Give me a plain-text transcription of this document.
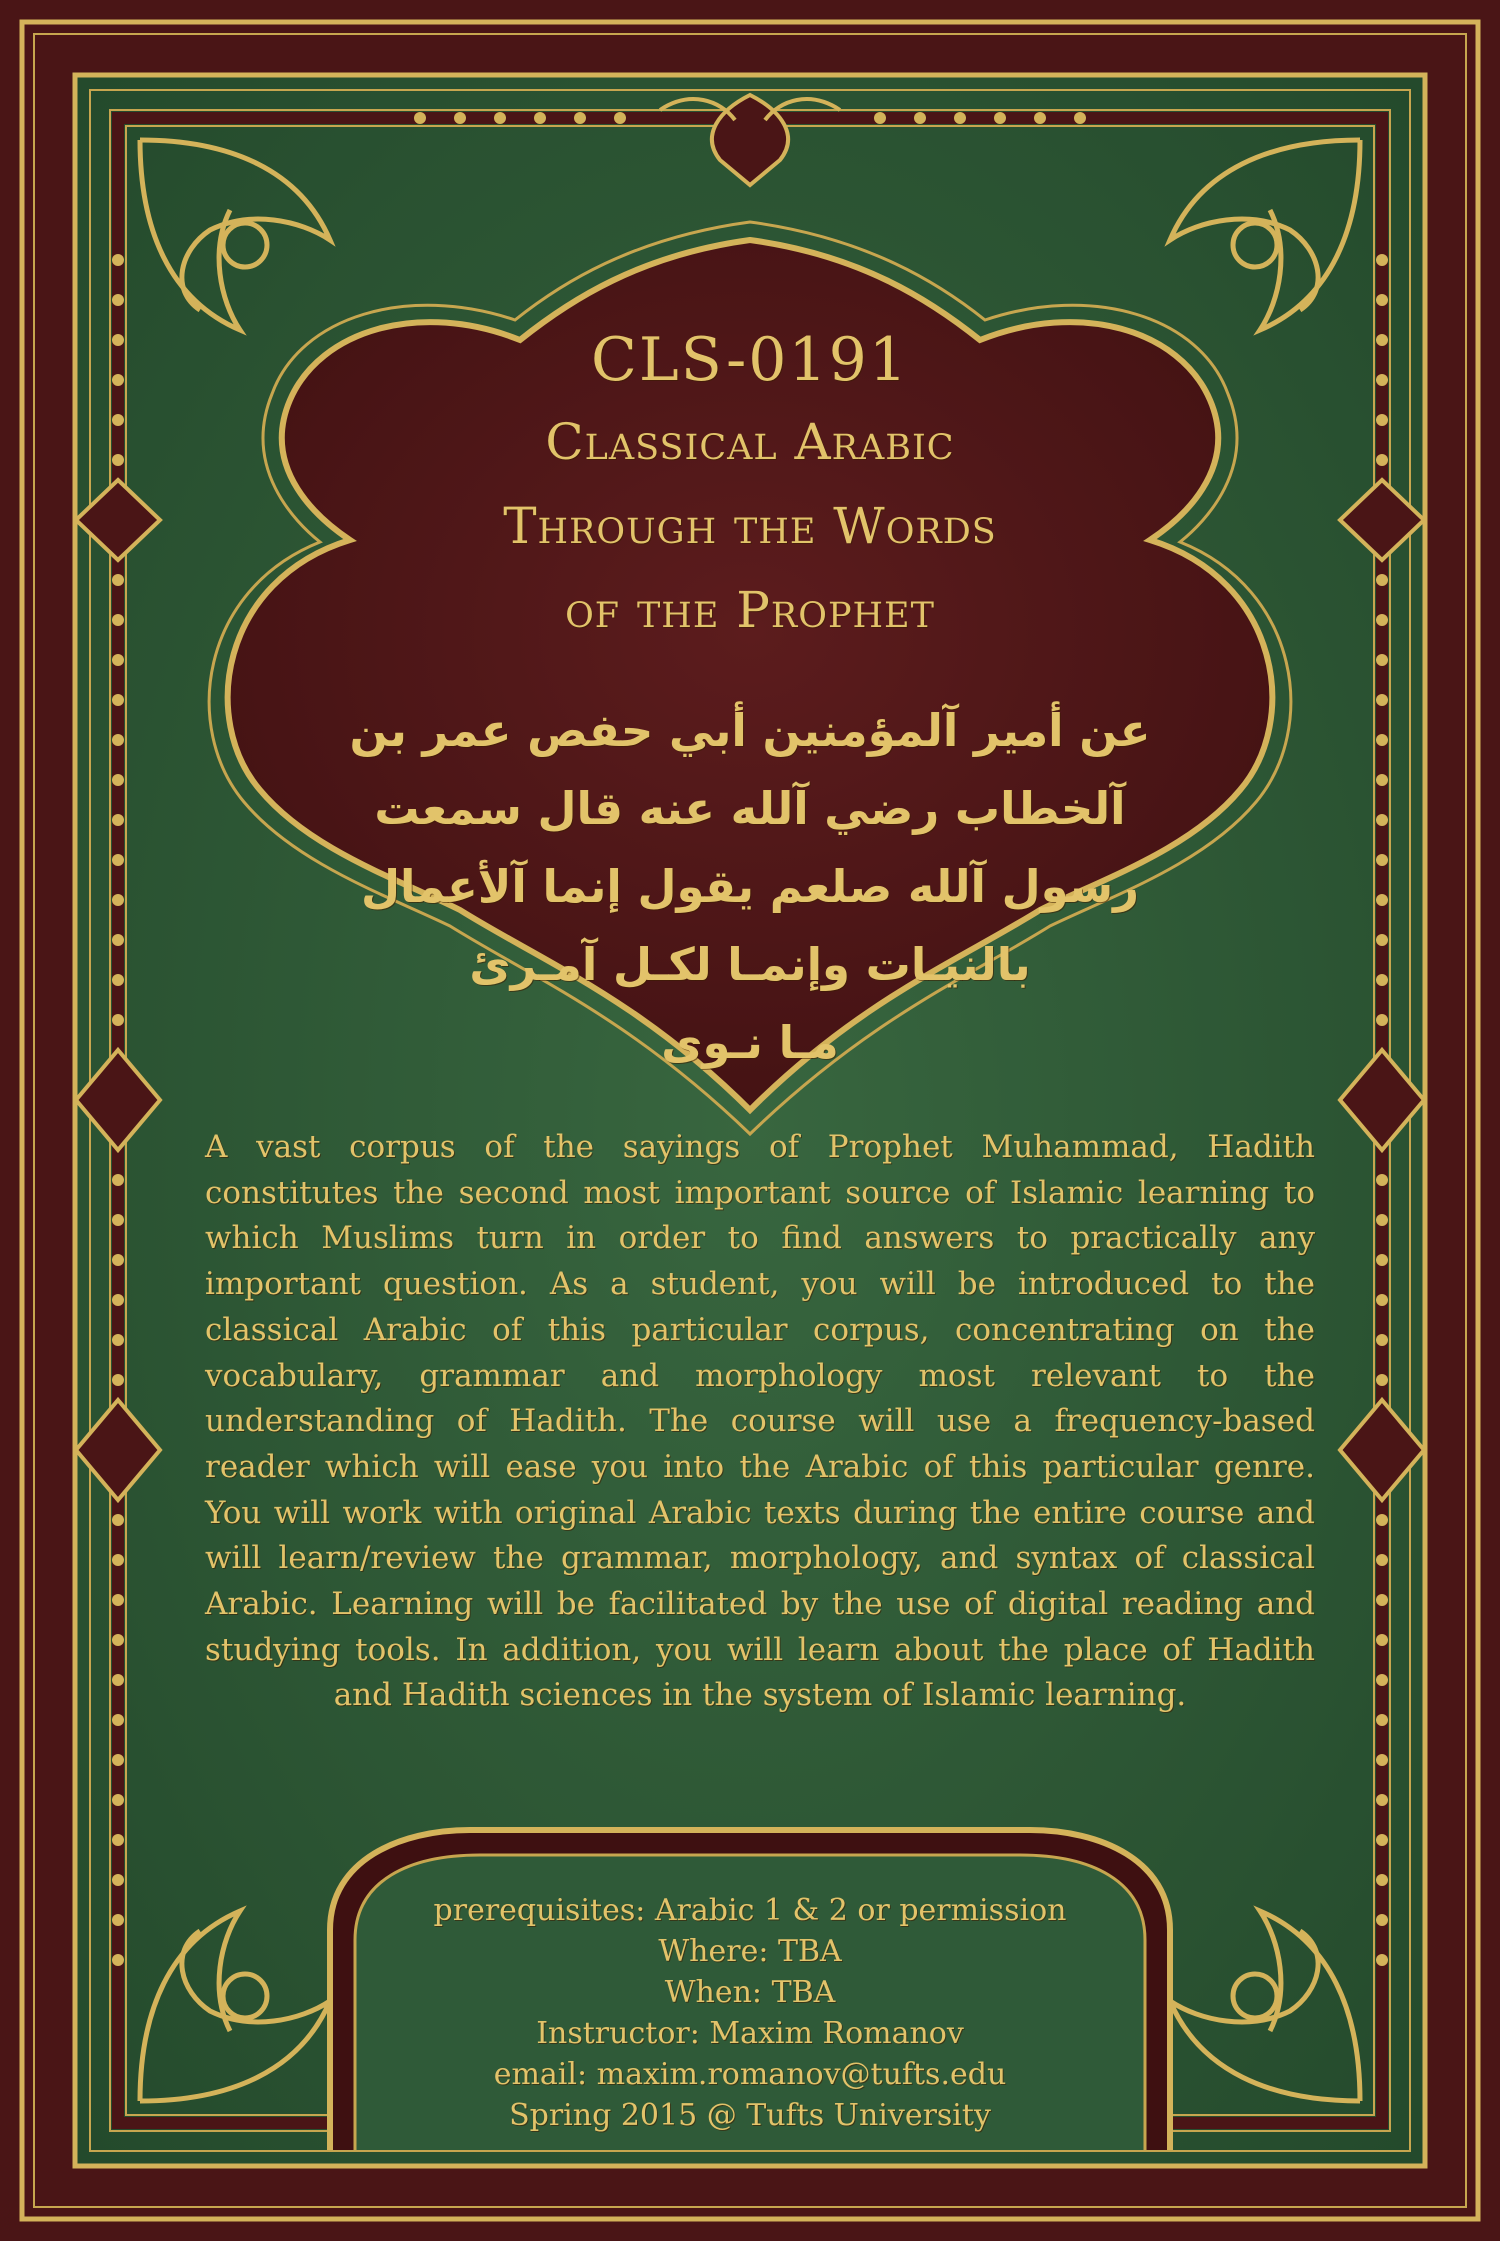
CLS-0191
Classical Arabic
Through the Words
of the Prophet
عن أمير آلمؤمنين أبي حفص عمر بن
آلخطاب رضي آلله عنه قال سمعت
رسول آلله صلعم يقول إنما آلأعمال
بالنيـات وإنمـا لكـل آمـرئ
مـا نـوى
A vast corpus of the sayings of Prophet Muhammad, Hadith constitutes the second most important source of Islamic learning to which Muslims turn in order to find answers to practically any important question. As a student, you will be introduced to the classical Arabic of this particular corpus, concentrating on the vocabulary, grammar and morphology most relevant to the understanding of Hadith. The course will use a frequency-based reader which will ease you into the Arabic of this particular genre. You will work with original Arabic texts during the entire course and will learn/review the grammar, morphology, and syntax of classical Arabic. Learning will be facilitated by the use of digital reading and studying tools. In addition, you will learn about the place of Hadith and Hadith sciences in the system of Islamic learning.
prerequisites: Arabic 1 & 2 or permission
Where: TBA
When: TBA
Instructor: Maxim Romanov
email: maxim.romanov@tufts.edu
Spring 2015 @ Tufts University
